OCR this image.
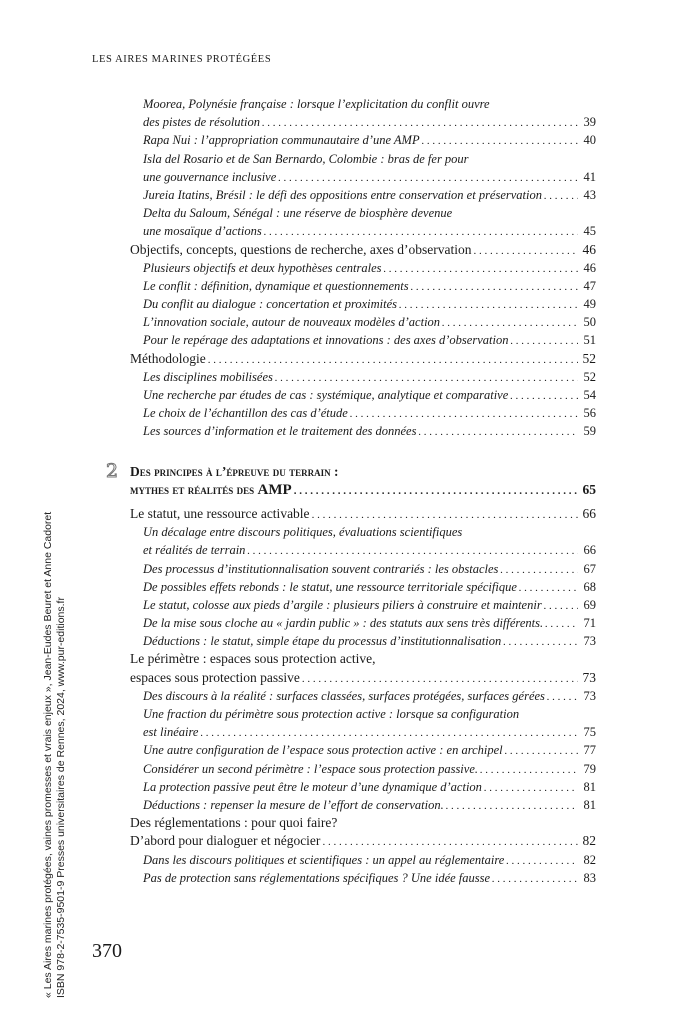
LES AIRES MARINES PROTÉGÉES
Moorea, Polynésie française : lorsque l’explicitation du conflit ouvre
des pistes de résolution . . .	39
Rapa Nui : l’appropriation communautaire d’une AMP . . .	40
Isla del Rosario et de San Bernardo, Colombie : bras de fer pour
une gouvernance inclusive . . .	41
Jureia Itatins, Brésil : le défi des oppositions entre conservation et préservation . . .	43
Delta du Saloum, Sénégal : une réserve de biosphère devenue
une mosaïque d’actions . . .	45
Objectifs, concepts, questions de recherche, axes d’observation . . .	46
Plusieurs objectifs et deux hypothèses centrales . . .	46
Le conflit : définition, dynamique et questionnements . . .	47
Du conflit au dialogue : concertation et proximités . . .	49
L’innovation sociale, autour de nouveaux modèles d’action . . .	50
Pour le repérage des adaptations et innovations : des axes d’observation . . .	51
Méthodologie . . .	52
Les disciplines mobilisées . . .	52
Une recherche par études de cas : systémique, analytique et comparative . . .	54
Le choix de l’échantillon des cas d’étude . . .	56
Les sources d’information et le traitement des données . . .	59
2 Des principes à l’épreuve du terrain :
mythes et réalités des AMP . . .	65
Le statut, une ressource activable . . .	66
Un décalage entre discours politiques, évaluations scientifiques
et réalités de terrain . . .	66
Des processus d’institutionnalisation souvent contrariés : les obstacles . . .	67
De possibles effets rebonds : le statut, une ressource territoriale spécifique . . .	68
Le statut, colosse aux pieds d’argile : plusieurs piliers à construire et maintenir . . .	69
De la mise sous cloche au « jardin public » : des statuts aux sens très différents. . . .	71
Déductions : le statut, simple étape du processus d’institutionnalisation . . .	73
Le périmètre : espaces sous protection active,
espaces sous protection passive . . .	73
Des discours à la réalité : surfaces classées, surfaces protégées, surfaces gérées . . .	73
Une fraction du périmètre sous protection active : lorsque sa configuration
est linéaire . . .	75
Une autre configuration de l’espace sous protection active : en archipel . . .	77
Considérer un second périmètre : l’espace sous protection passive. . . .	79
La protection passive peut être le moteur d’une dynamique d’action . . .	81
Déductions : repenser la mesure de l’effort de conservation. . . .	81
Des réglementations : pour quoi faire?
D’abord pour dialoguer et négocier . . .	82
Dans les discours politiques et scientifiques : un appel au réglementaire . . .	82
Pas de protection sans réglementations spécifiques ? Une idée fausse . . .	83
370
« Les Aires marines protégées, vaines promesses et vrais enjeux », Jean-Eudes Beuret et Anne Cadoret ISBN 978-2-7535-9501-9 Presses universitaires de Rennes, 2024, www.pur-editions.fr
